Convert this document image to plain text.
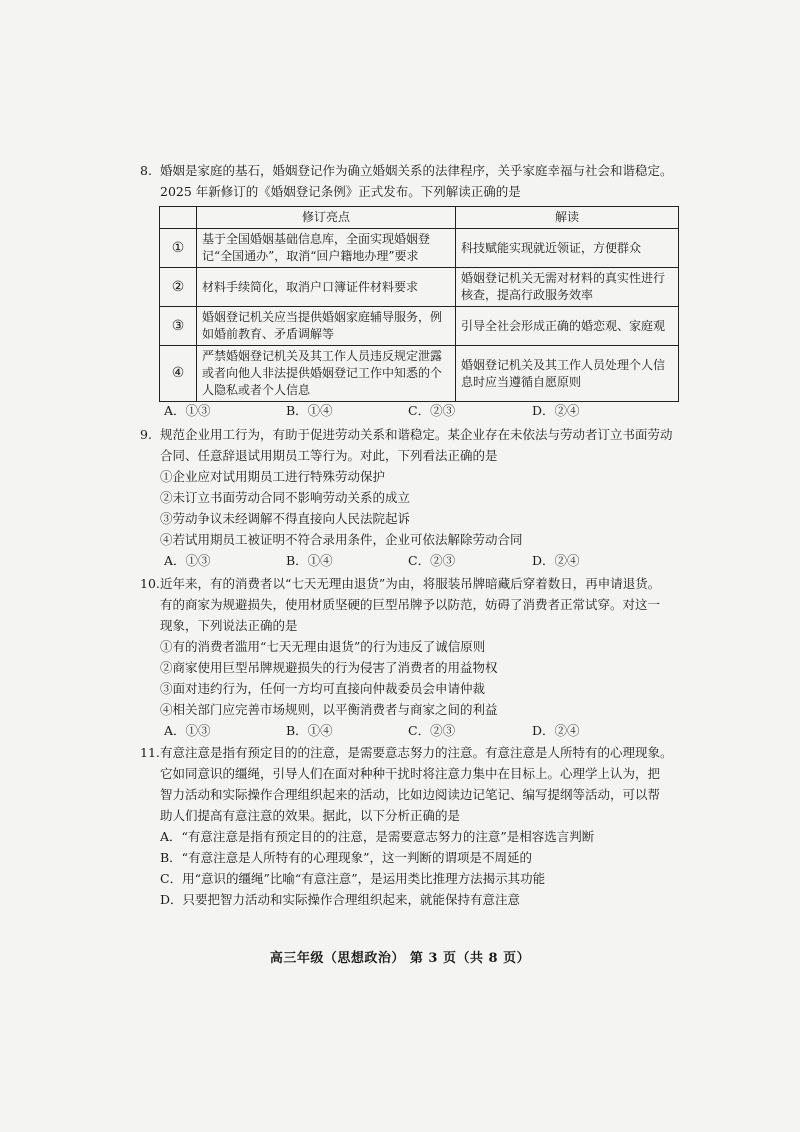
8. 婚姻是家庭的基石，婚姻登记作为确立婚姻关系的法律程序，关乎家庭幸福与社会和谐稳定。
2025 年新修订的《婚姻登记条例》正式发布。下列解读正确的是
	修订亮点	解读
①	基于全国婚姻基础信息库，全面实现婚姻登记“全国通办”，取消“回户籍地办理”要求	科技赋能实现就近领证，方便群众
②	材料手续简化，取消户口簿证件材料要求	婚姻登记机关无需对材料的真实性进行核查，提高行政服务效率
③	婚姻登记机关应当提供婚姻家庭辅导服务，例如婚前教育、矛盾调解等	引导全社会形成正确的婚恋观、家庭观
④	严禁婚姻登记机关及其工作人员违反规定泄露或者向他人非法提供婚姻登记工作中知悉的个人隐私或者个人信息	婚姻登记机关及其工作人员处理个人信息时应当遵循自愿原则
A．①③	B．①④	C．②③	D．②④
9. 规范企业用工行为，有助于促进劳动关系和谐稳定。某企业存在未依法与劳动者订立书面劳动
合同、任意辞退试用期员工等行为。对此，下列看法正确的是
①企业应对试用期员工进行特殊劳动保护
②未订立书面劳动合同不影响劳动关系的成立
③劳动争议未经调解不得直接向人民法院起诉
④若试用期员工被证明不符合录用条件，企业可依法解除劳动合同
A．①③	B．①④	C．②③	D．②④
10. 近年来，有的消费者以“七天无理由退货”为由，将服装吊牌暗藏后穿着数日，再申请退货。
有的商家为规避损失，使用材质坚硬的巨型吊牌予以防范，妨碍了消费者正常试穿。对这一
现象，下列说法正确的是
①有的消费者滥用“七天无理由退货”的行为违反了诚信原则
②商家使用巨型吊牌规避损失的行为侵害了消费者的用益物权
③面对违约行为，任何一方均可直接向仲裁委员会申请仲裁
④相关部门应完善市场规则，以平衡消费者与商家之间的利益
A．①③	B．①④	C．②③	D．②④
11. 有意注意是指有预定目的的注意，是需要意志努力的注意。有意注意是人所特有的心理现象。
它如同意识的缰绳，引导人们在面对种种干扰时将注意力集中在目标上。心理学上认为，把
智力活动和实际操作合理组织起来的活动，比如边阅读边记笔记、编写提纲等活动，可以帮
助人们提高有意注意的效果。据此，以下分析正确的是
A．“有意注意是指有预定目的的注意，是需要意志努力的注意”是相容选言判断
B．“有意注意是人所特有的心理现象”，这一判断的谓项是不周延的
C．用“意识的缰绳”比喻“有意注意”，是运用类比推理方法揭示其功能
D．只要把智力活动和实际操作合理组织起来，就能保持有意注意
高三年级（思想政治） 第 3 页（共 8 页）
